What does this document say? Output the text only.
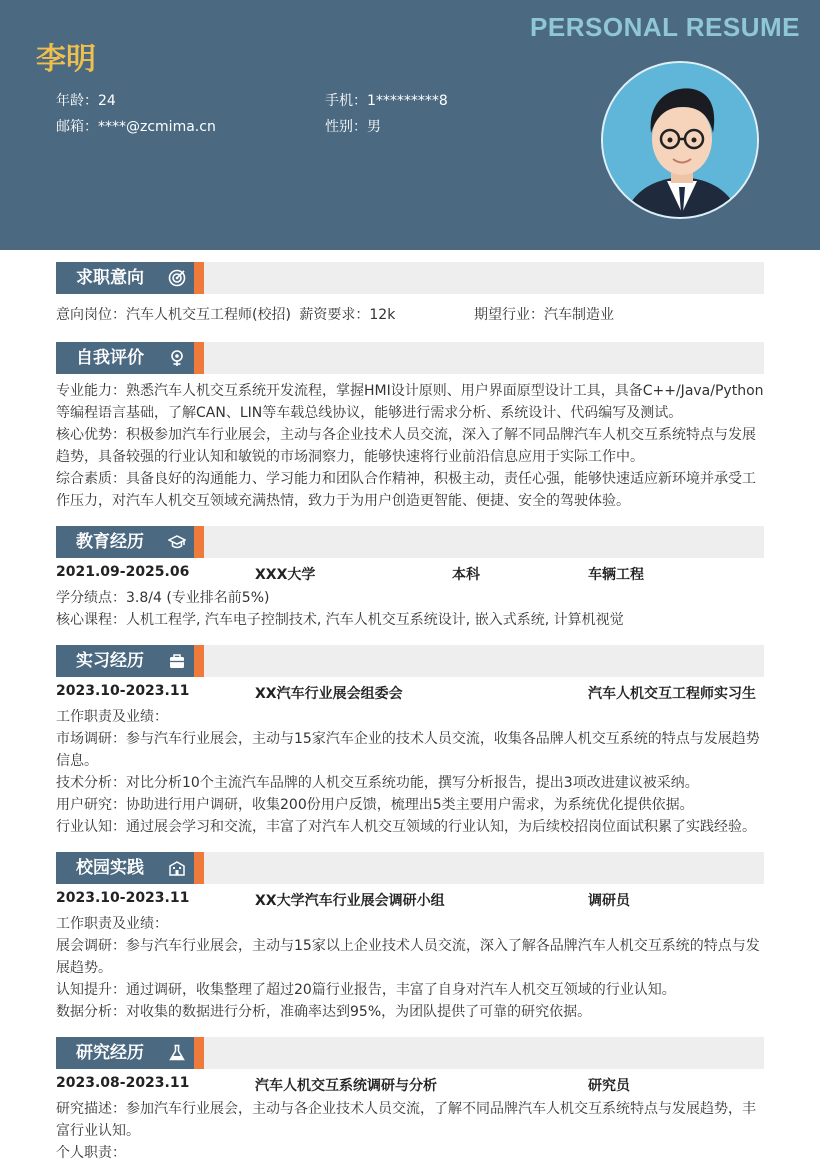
PERSONAL RESUME
李明
年龄：24	手机：1*********8
邮箱：****@zcmima.cn	性别：男
求职意向
意向岗位：汽车人机交互工程师(校招) 薪资要求：12k	期望行业：汽车制造业
自我评价
专业能力：熟悉汽车人机交互系统开发流程，掌握HMI设计原则、用户界面原型设计工具，具备C++/Java/Python等编程语言基础，了解CAN、LIN等车载总线协议，能够进行需求分析、系统设计、代码编写及测试。
核心优势：积极参加汽车行业展会，主动与各企业技术人员交流，深入了解不同品牌汽车人机交互系统特点与发展趋势，具备较强的行业认知和敏锐的市场洞察力，能够快速将行业前沿信息应用于实际工作中。
综合素质：具备良好的沟通能力、学习能力和团队合作精神，积极主动，责任心强，能够快速适应新环境并承受工作压力，对汽车人机交互领域充满热情，致力于为用户创造更智能、便捷、安全的驾驶体验。
教育经历
2021.09-2025.06	XXX大学	本科	车辆工程
学分绩点：3.8/4 (专业排名前5%)
核心课程：人机工程学, 汽车电子控制技术, 汽车人机交互系统设计, 嵌入式系统, 计算机视觉
实习经历
2023.10-2023.11	XX汽车行业展会组委会	汽车人机交互工程师实习生
工作职责及业绩：
市场调研：参与汽车行业展会，主动与15家汽车企业的技术人员交流，收集各品牌人机交互系统的特点与发展趋势信息。
技术分析：对比分析10个主流汽车品牌的人机交互系统功能，撰写分析报告，提出3项改进建议被采纳。
用户研究：协助进行用户调研，收集200份用户反馈，梳理出5类主要用户需求，为系统优化提供依据。
行业认知：通过展会学习和交流，丰富了对汽车人机交互领域的行业认知，为后续校招岗位面试积累了实践经验。
校园实践
2023.10-2023.11	XX大学汽车行业展会调研小组	调研员
工作职责及业绩：
展会调研：参与汽车行业展会，主动与15家以上企业技术人员交流，深入了解各品牌汽车人机交互系统的特点与发展趋势。
认知提升：通过调研，收集整理了超过20篇行业报告，丰富了自身对汽车人机交互领域的行业认知。
数据分析：对收集的数据进行分析，准确率达到95%，为团队提供了可靠的研究依据。
研究经历
2023.08-2023.11	汽车人机交互系统调研与分析	研究员
研究描述：参加汽车行业展会，主动与各企业技术人员交流，了解不同品牌汽车人机交互系统特点与发展趋势，丰富行业认知。
个人职责：
